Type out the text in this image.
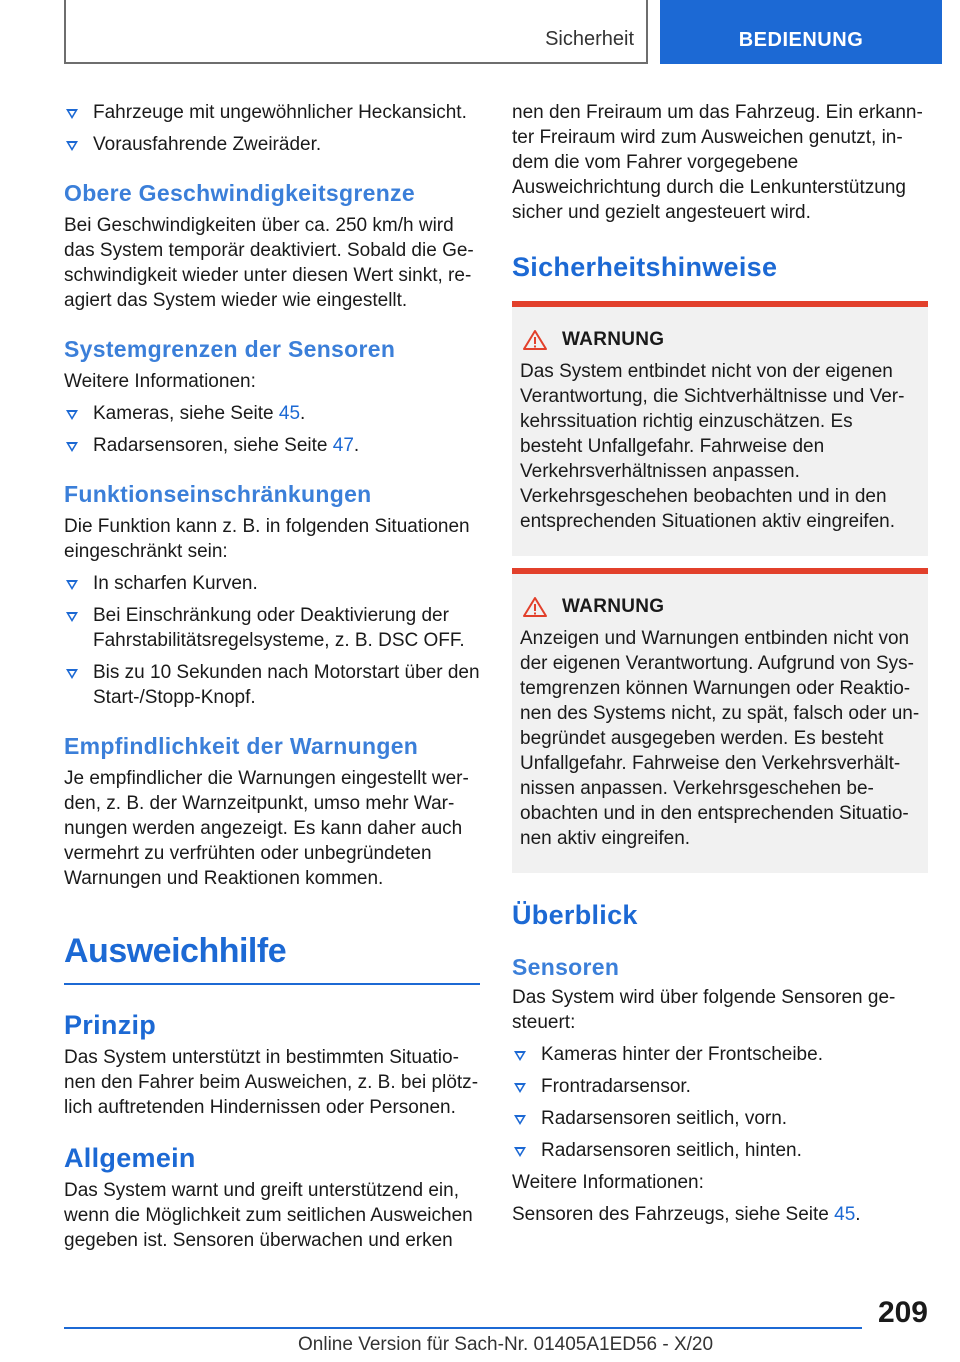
Sicherheit	BEDIENUNG
Fahrzeuge mit ungewöhnlicher Heckansicht.
Vorausfahrende Zweiräder.
Obere Geschwindigkeitsgrenze

Bei Geschwindigkeiten über ca. 250 km/h wird das System temporär deaktiviert. Sobald die Geschwindigkeit wieder unter diesen Wert sinkt, reagiert das System wieder wie eingestellt.

Systemgrenzen der Sensoren

Weitere Informationen:

Kameras, siehe Seite 45.
Radarsensoren, siehe Seite 47.
Funktionseinschränkungen

Die Funktion kann z. B. in folgenden Situationen eingeschränkt sein:

In scharfen Kurven.
Bei Einschränkung oder Deaktivierung der Fahrstabilitätsregelsysteme, z. B. DSC OFF.
Bis zu 10 Sekunden nach Motorstart über den Start-/Stopp-Knopf.
Empfindlichkeit der Warnungen

Je empfindlicher die Warnungen eingestellt werden, z. B. der Warnzeitpunkt, umso mehr Warnungen werden angezeigt. Es kann daher auch vermehrt zu verfrühten oder unbegründeten Warnungen und Reaktionen kommen.

Ausweichhilfe
Prinzip

Das System unterstützt in bestimmten Situationen den Fahrer beim Ausweichen, z. B. bei plötzlich auftretenden Hindernissen oder Personen.

Allgemein

Das System warnt und greift unterstützend ein, wenn die Möglichkeit zum seitlichen Ausweichen gegeben ist. Sensoren überwachen und erken

nen den Freiraum um das Fahrzeug. Ein erkannter Freiraum wird zum Ausweichen genutzt, indem die vom Fahrer vorgegebene Ausweichrichtung durch die Lenkunterstützung sicher und gezielt angesteuert wird.

Sicherheitshinweise
WARNUNG

Das System entbindet nicht von der eigenen Verantwortung, die Sichtverhältnisse und Verkehrssituation richtig einzuschätzen. Es besteht Unfallgefahr. Fahrweise den Verkehrsverhältnissen anpassen. Verkehrsgeschehen beobachten und in den entsprechenden Situationen aktiv eingreifen.

WARNUNG

Anzeigen und Warnungen entbinden nicht von der eigenen Verantwortung. Aufgrund von Systemgrenzen können Warnungen oder Reaktionen des Systems nicht, zu spät, falsch oder unbegründet ausgegeben werden. Es besteht Unfallgefahr. Fahrweise den Verkehrsverhältnissen anpassen. Verkehrsgeschehen beobachten und in den entsprechenden Situationen aktiv eingreifen.

Überblick
Sensoren

Das System wird über folgende Sensoren gesteuert:

Kameras hinter der Frontscheibe.
Frontradarsensor.
Radarsensoren seitlich, vorn.
Radarsensoren seitlich, hinten.

Weitere Informationen:

Sensoren des Fahrzeugs, siehe Seite 45.

209
Online Version für Sach-Nr. 01405A1ED56 - X/20
